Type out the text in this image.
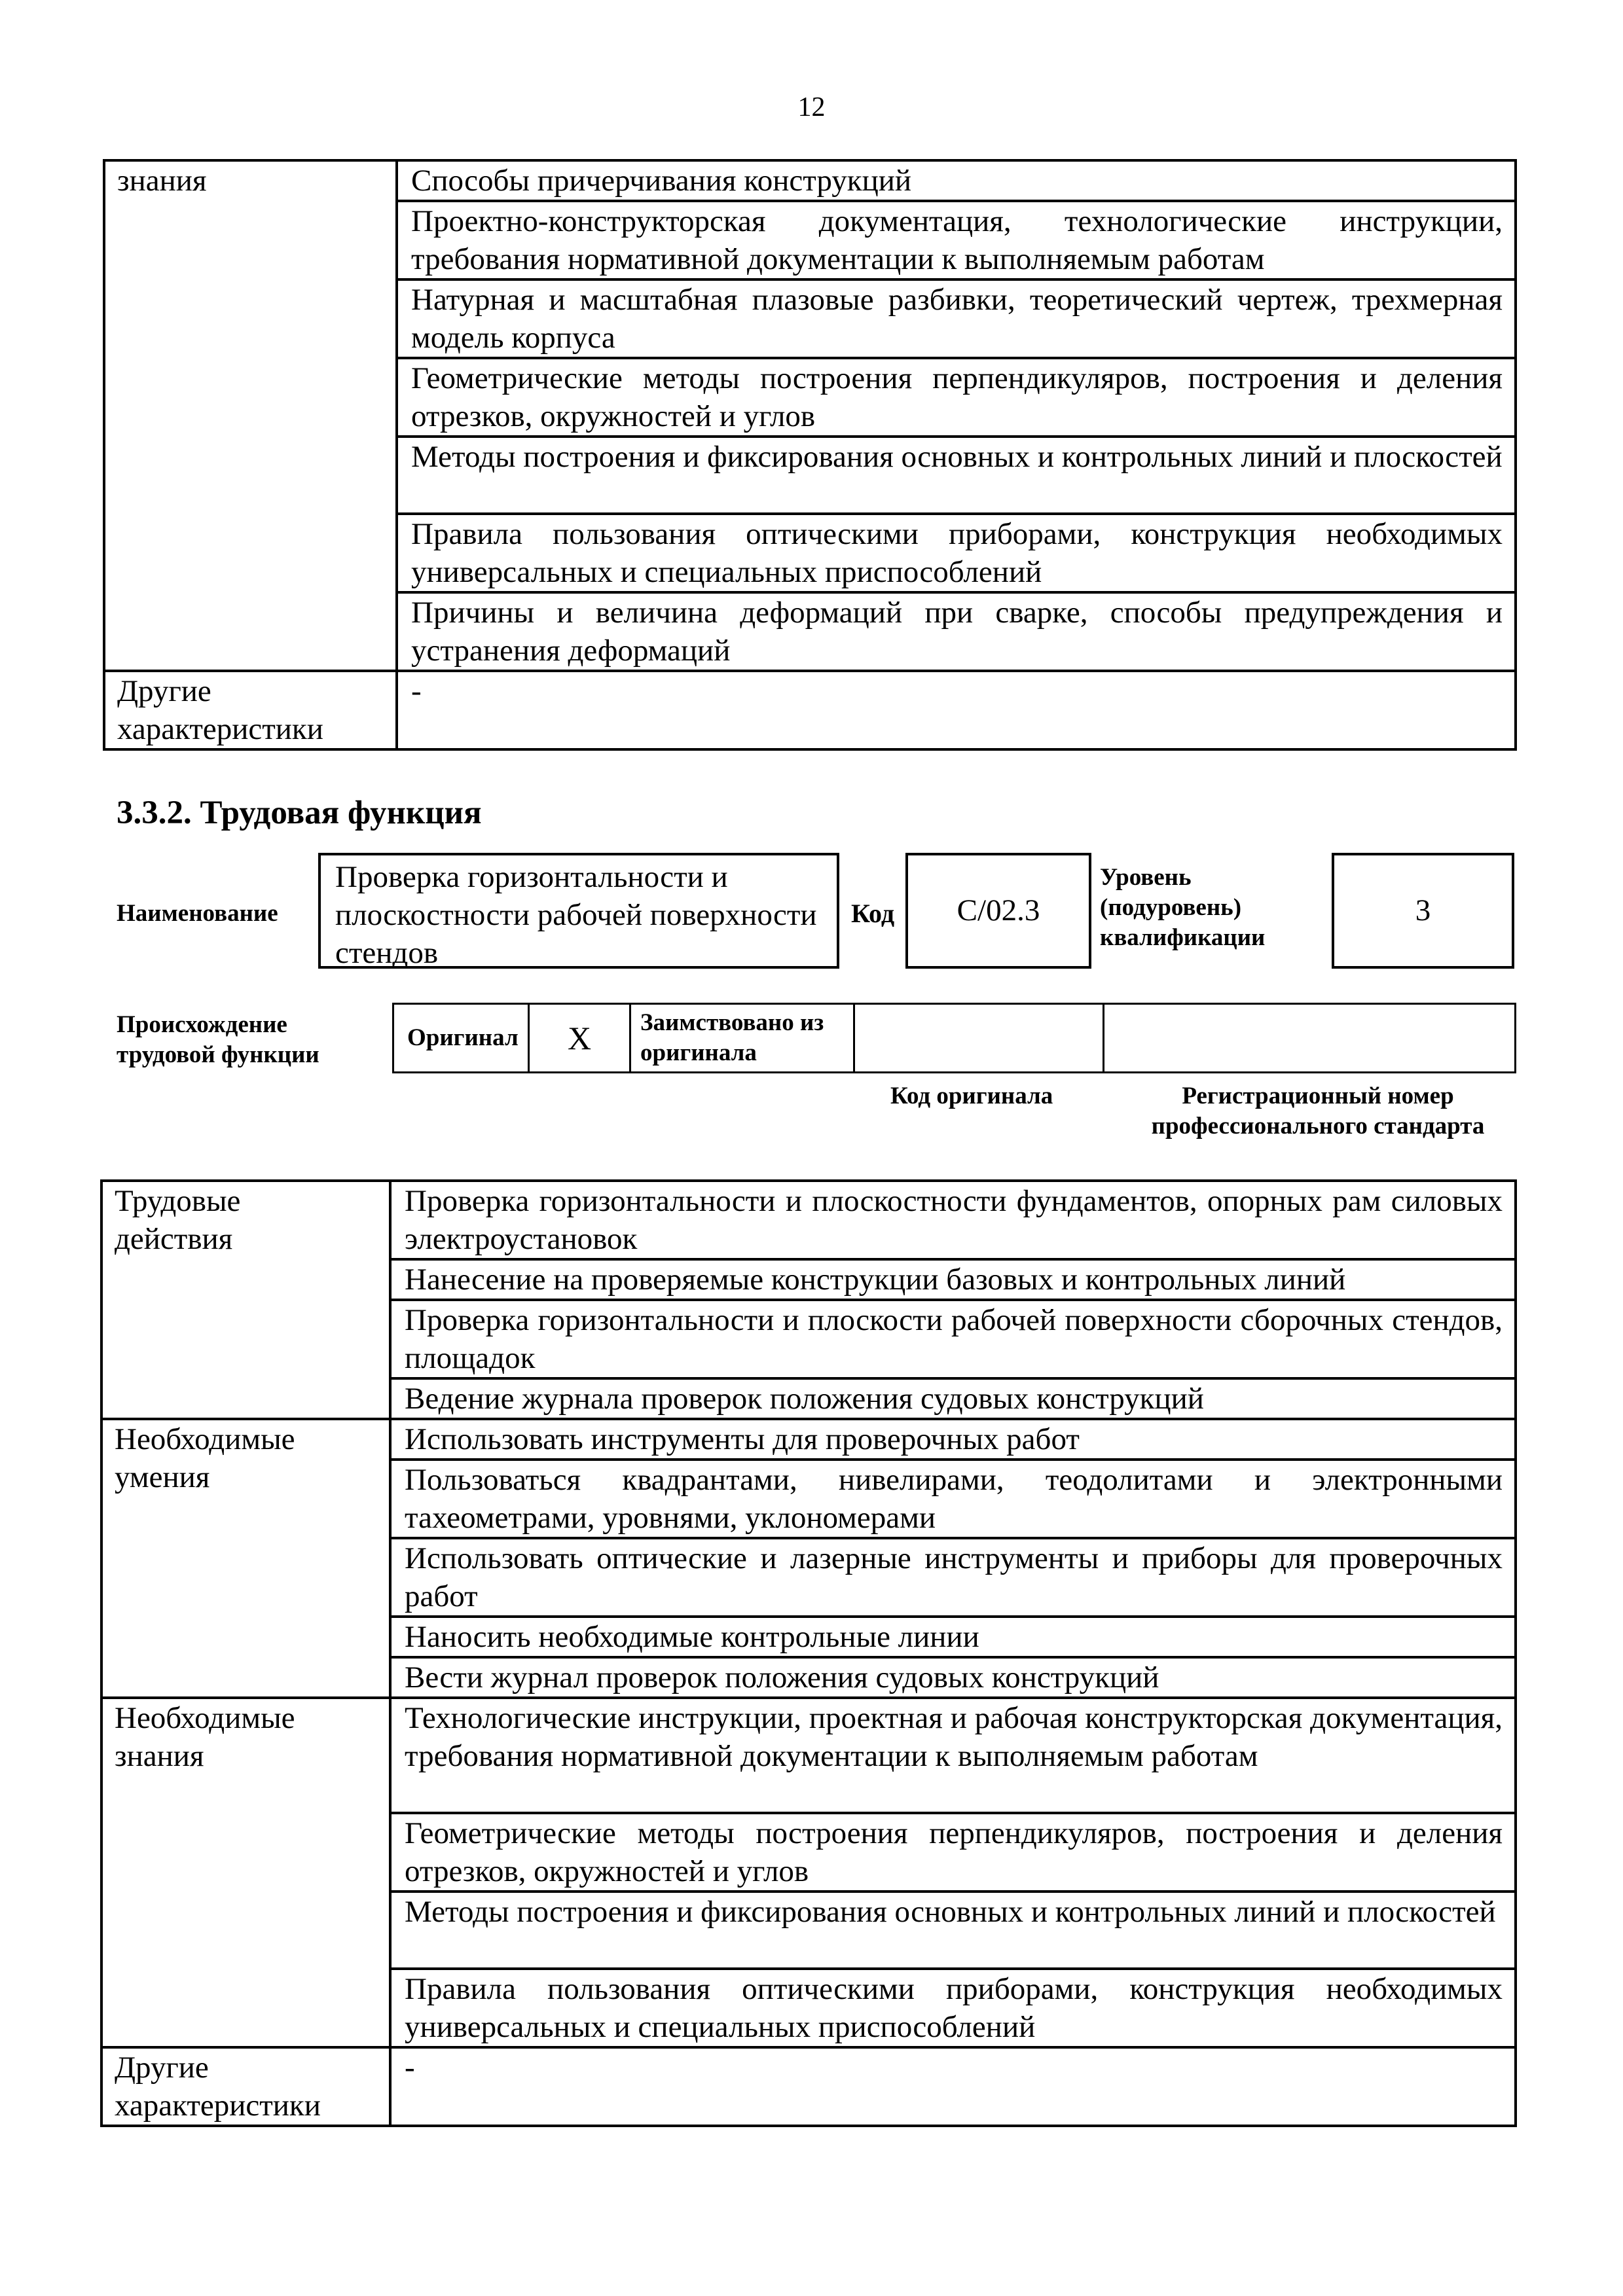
12
знания	Способы причерчивания конструкций
	Проектно-конструкторская документация, технологические инструкции, требования нормативной документации к выполняемым работам
	Натурная и масштабная плазовые разбивки, теоретический чертеж, трехмерная модель корпуса
	Геометрические методы построения перпендикуляров, построения и деления отрезков, окружностей и углов
	Методы построения и фиксирования основных и контрольных линий и плоскостей
	Правила пользования оптическими приборами, конструкция необходимых универсальных и специальных приспособлений
	Причины и величина деформаций при сварке, способы предупреждения и устранения деформаций

Другие
характеристики	-
3.3.2. Трудовая функция
Наименование
Проверка горизонтальности и плоскостности рабочей поверхности стендов
Код	С/02.3
Уровень
(подуровень)
квалификации
3
Происхождение
трудовой функции
Оригинал	X	Заимствовано из
оригинала

Код оригинала	Регистрационный номер
профессионального стандарта
Трудовые
действия	Проверка горизонтальности и плоскостности фундаментов, опорных рам силовых электроустановок
	Нанесение на проверяемые конструкции базовых и контрольных линий
	Проверка горизонтальности и плоскости рабочей поверхности сборочных стендов, площадок
	Ведение журнала проверок положения судовых конструкций

Необходимые
умения	Использовать инструменты для проверочных работ
	Пользоваться квадрантами, нивелирами, теодолитами и электронными тахеометрами, уровнями, уклономерами
	Использовать оптические и лазерные инструменты и приборы для проверочных работ
	Наносить необходимые контрольные линии
	Вести журнал проверок положения судовых конструкций

Необходимые
знания	Технологические инструкции, проектная и рабочая конструкторская документация, требования нормативной документации к выполняемым работам
	Геометрические методы построения перпендикуляров, построения и деления отрезков, окружностей и углов
	Методы построения и фиксирования основных и контрольных линий и плоскостей
	Правила пользования оптическими приборами, конструкция необходимых универсальных и специальных приспособлений

Другие
характеристики	-
